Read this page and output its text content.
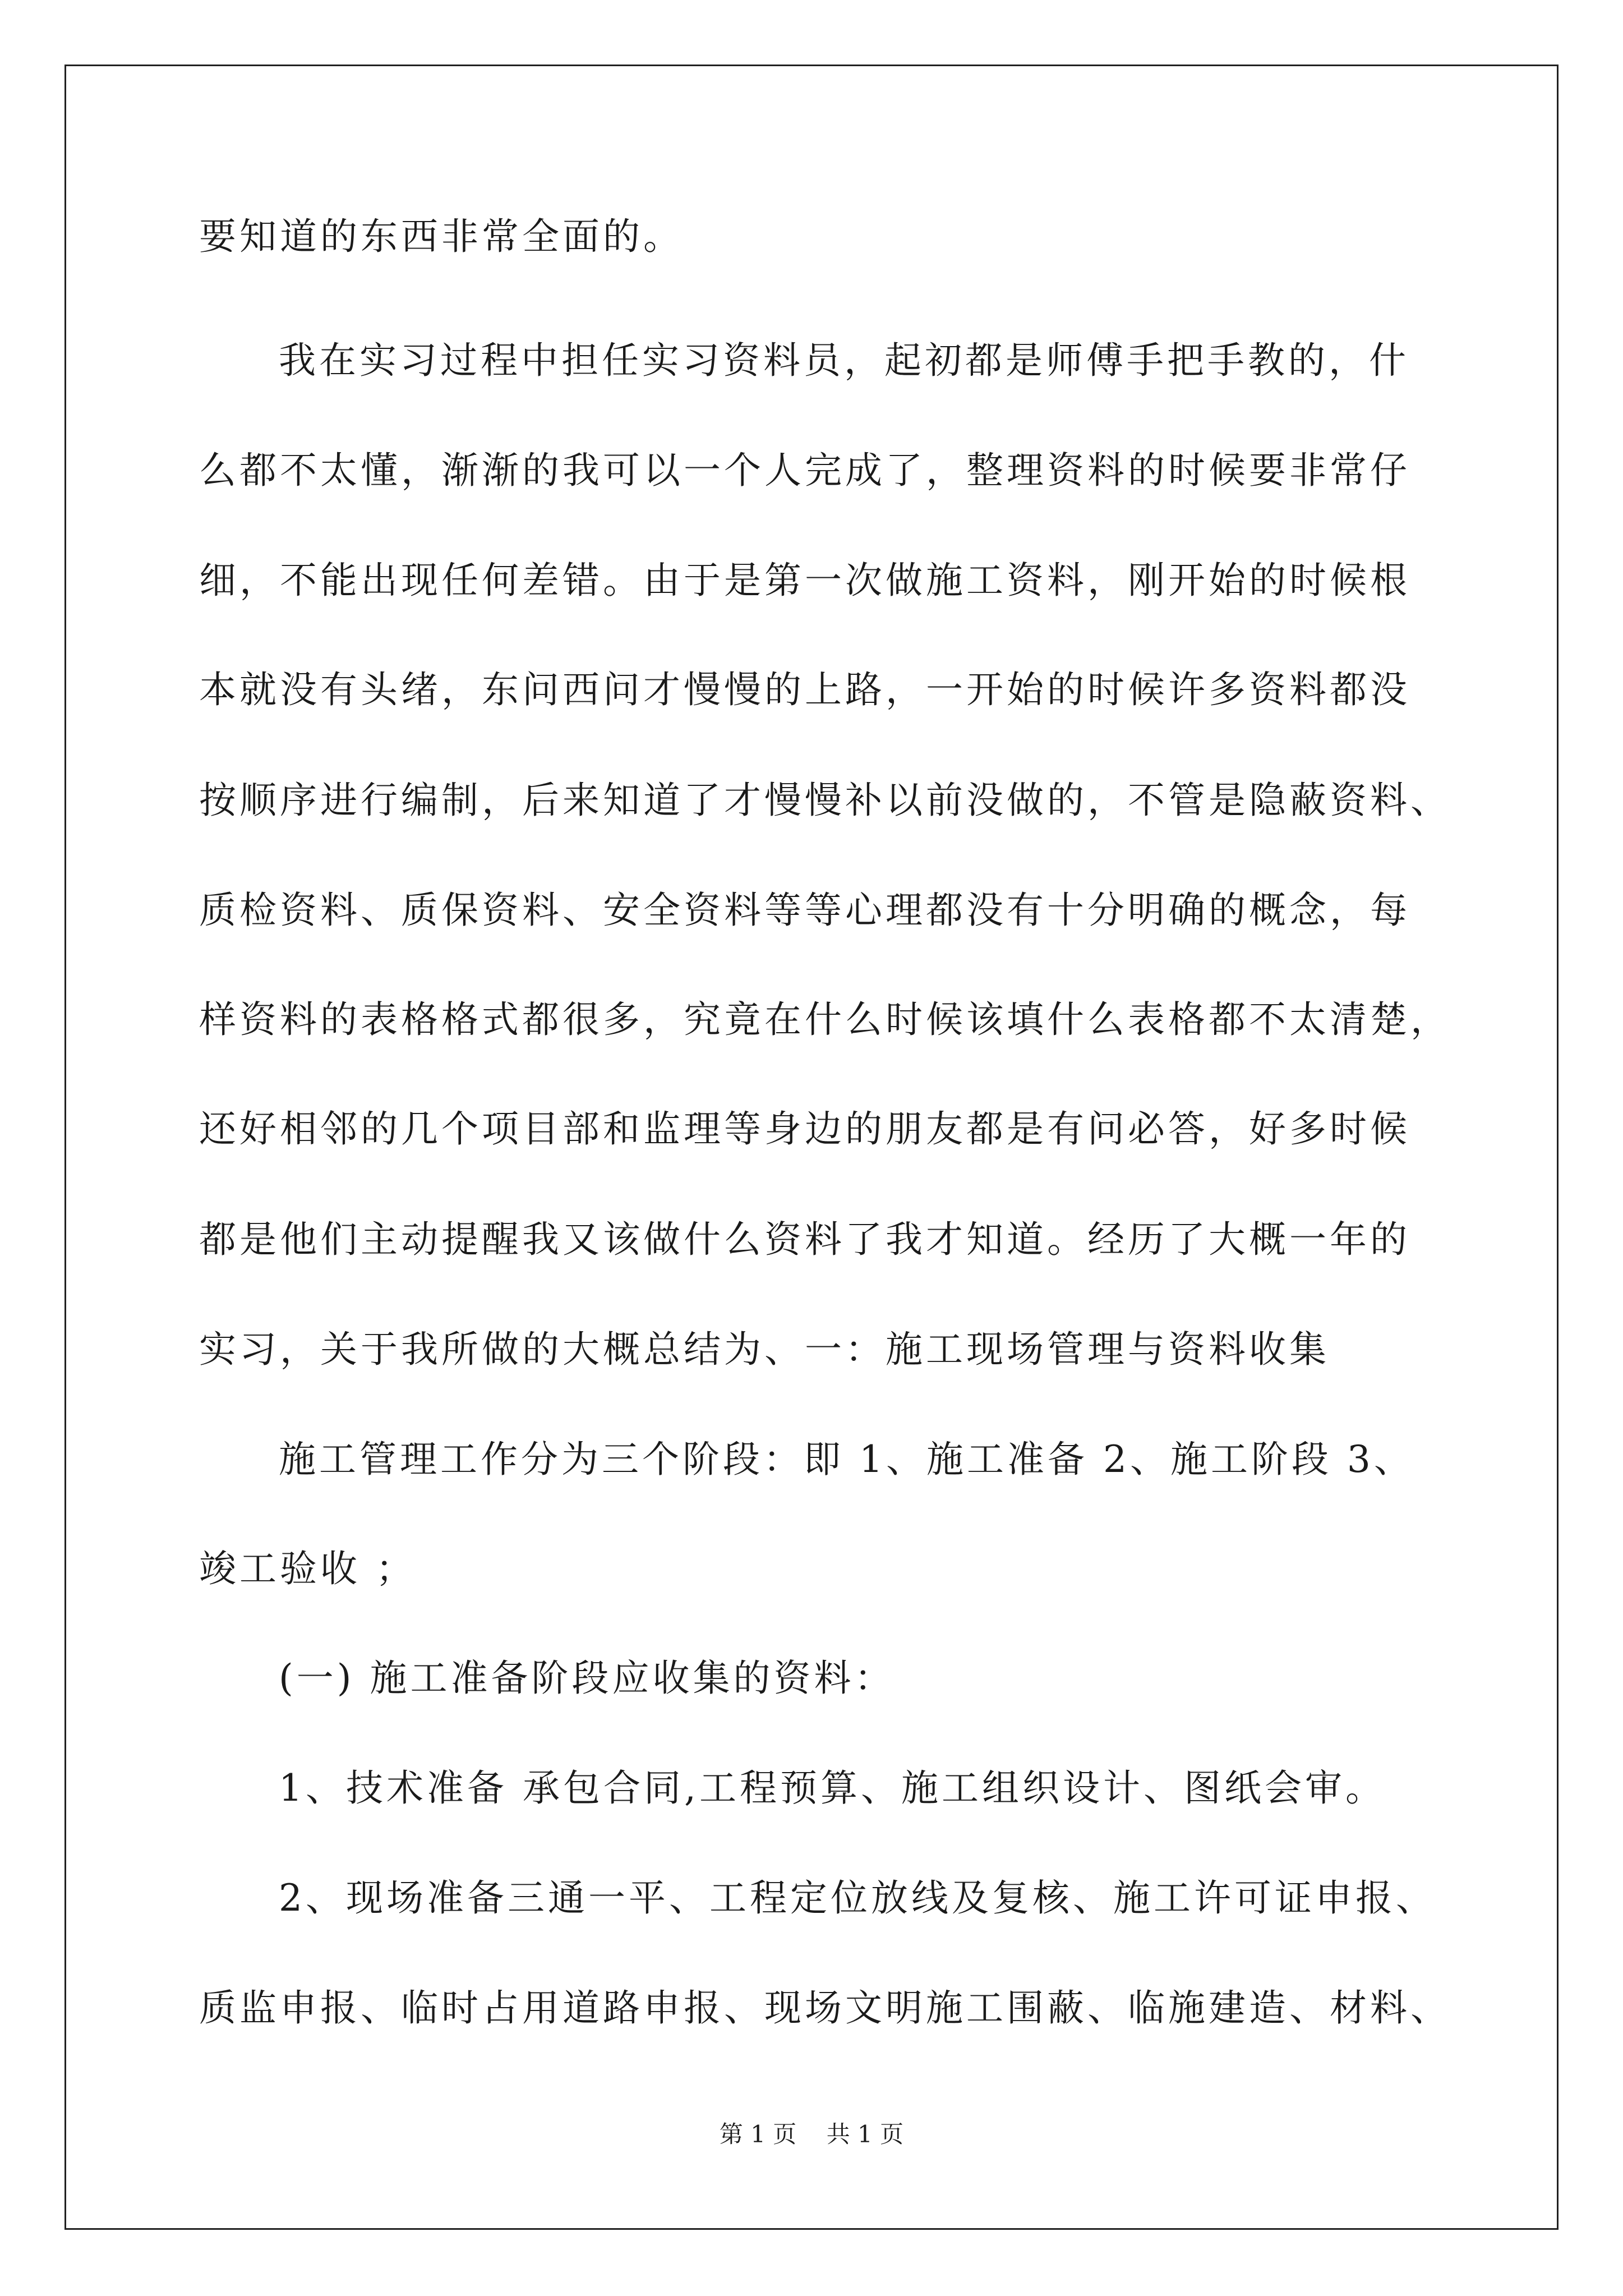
要知道的东西非常全面的。
我在实习过程中担任实习资料员，起初都是师傅手把手教的，什
么都不太懂，渐渐的我可以一个人完成了，整理资料的时候要非常仔
细，不能出现任何差错。由于是第一次做施工资料，刚开始的时候根
本就没有头绪，东问西问才慢慢的上路，一开始的时候许多资料都没
按顺序进行编制，后来知道了才慢慢补以前没做的，不管是隐蔽资料、
质检资料、质保资料、安全资料等等心理都没有十分明确的概念，每
样资料的表格格式都很多，究竟在什么时候该填什么表格都不太清楚，
还好相邻的几个项目部和监理等身边的朋友都是有问必答，好多时候
都是他们主动提醒我又该做什么资料了我才知道。经历了大概一年的
实习，关于我所做的大概总结为、一：施工现场管理与资料收集
施工管理工作分为三个阶段：即 1、施工准备 2、施工阶段 3、
竣工验收 ；
(一) 施工准备阶段应收集的资料：
1、技术准备 承包合同,工程预算、施工组织设计、图纸会审。
2、现场准备三通一平、工程定位放线及复核、施工许可证申报、
质监申报、临时占用道路申报、现场文明施工围蔽、临施建造、材料、
第 1 页    共 1 页
